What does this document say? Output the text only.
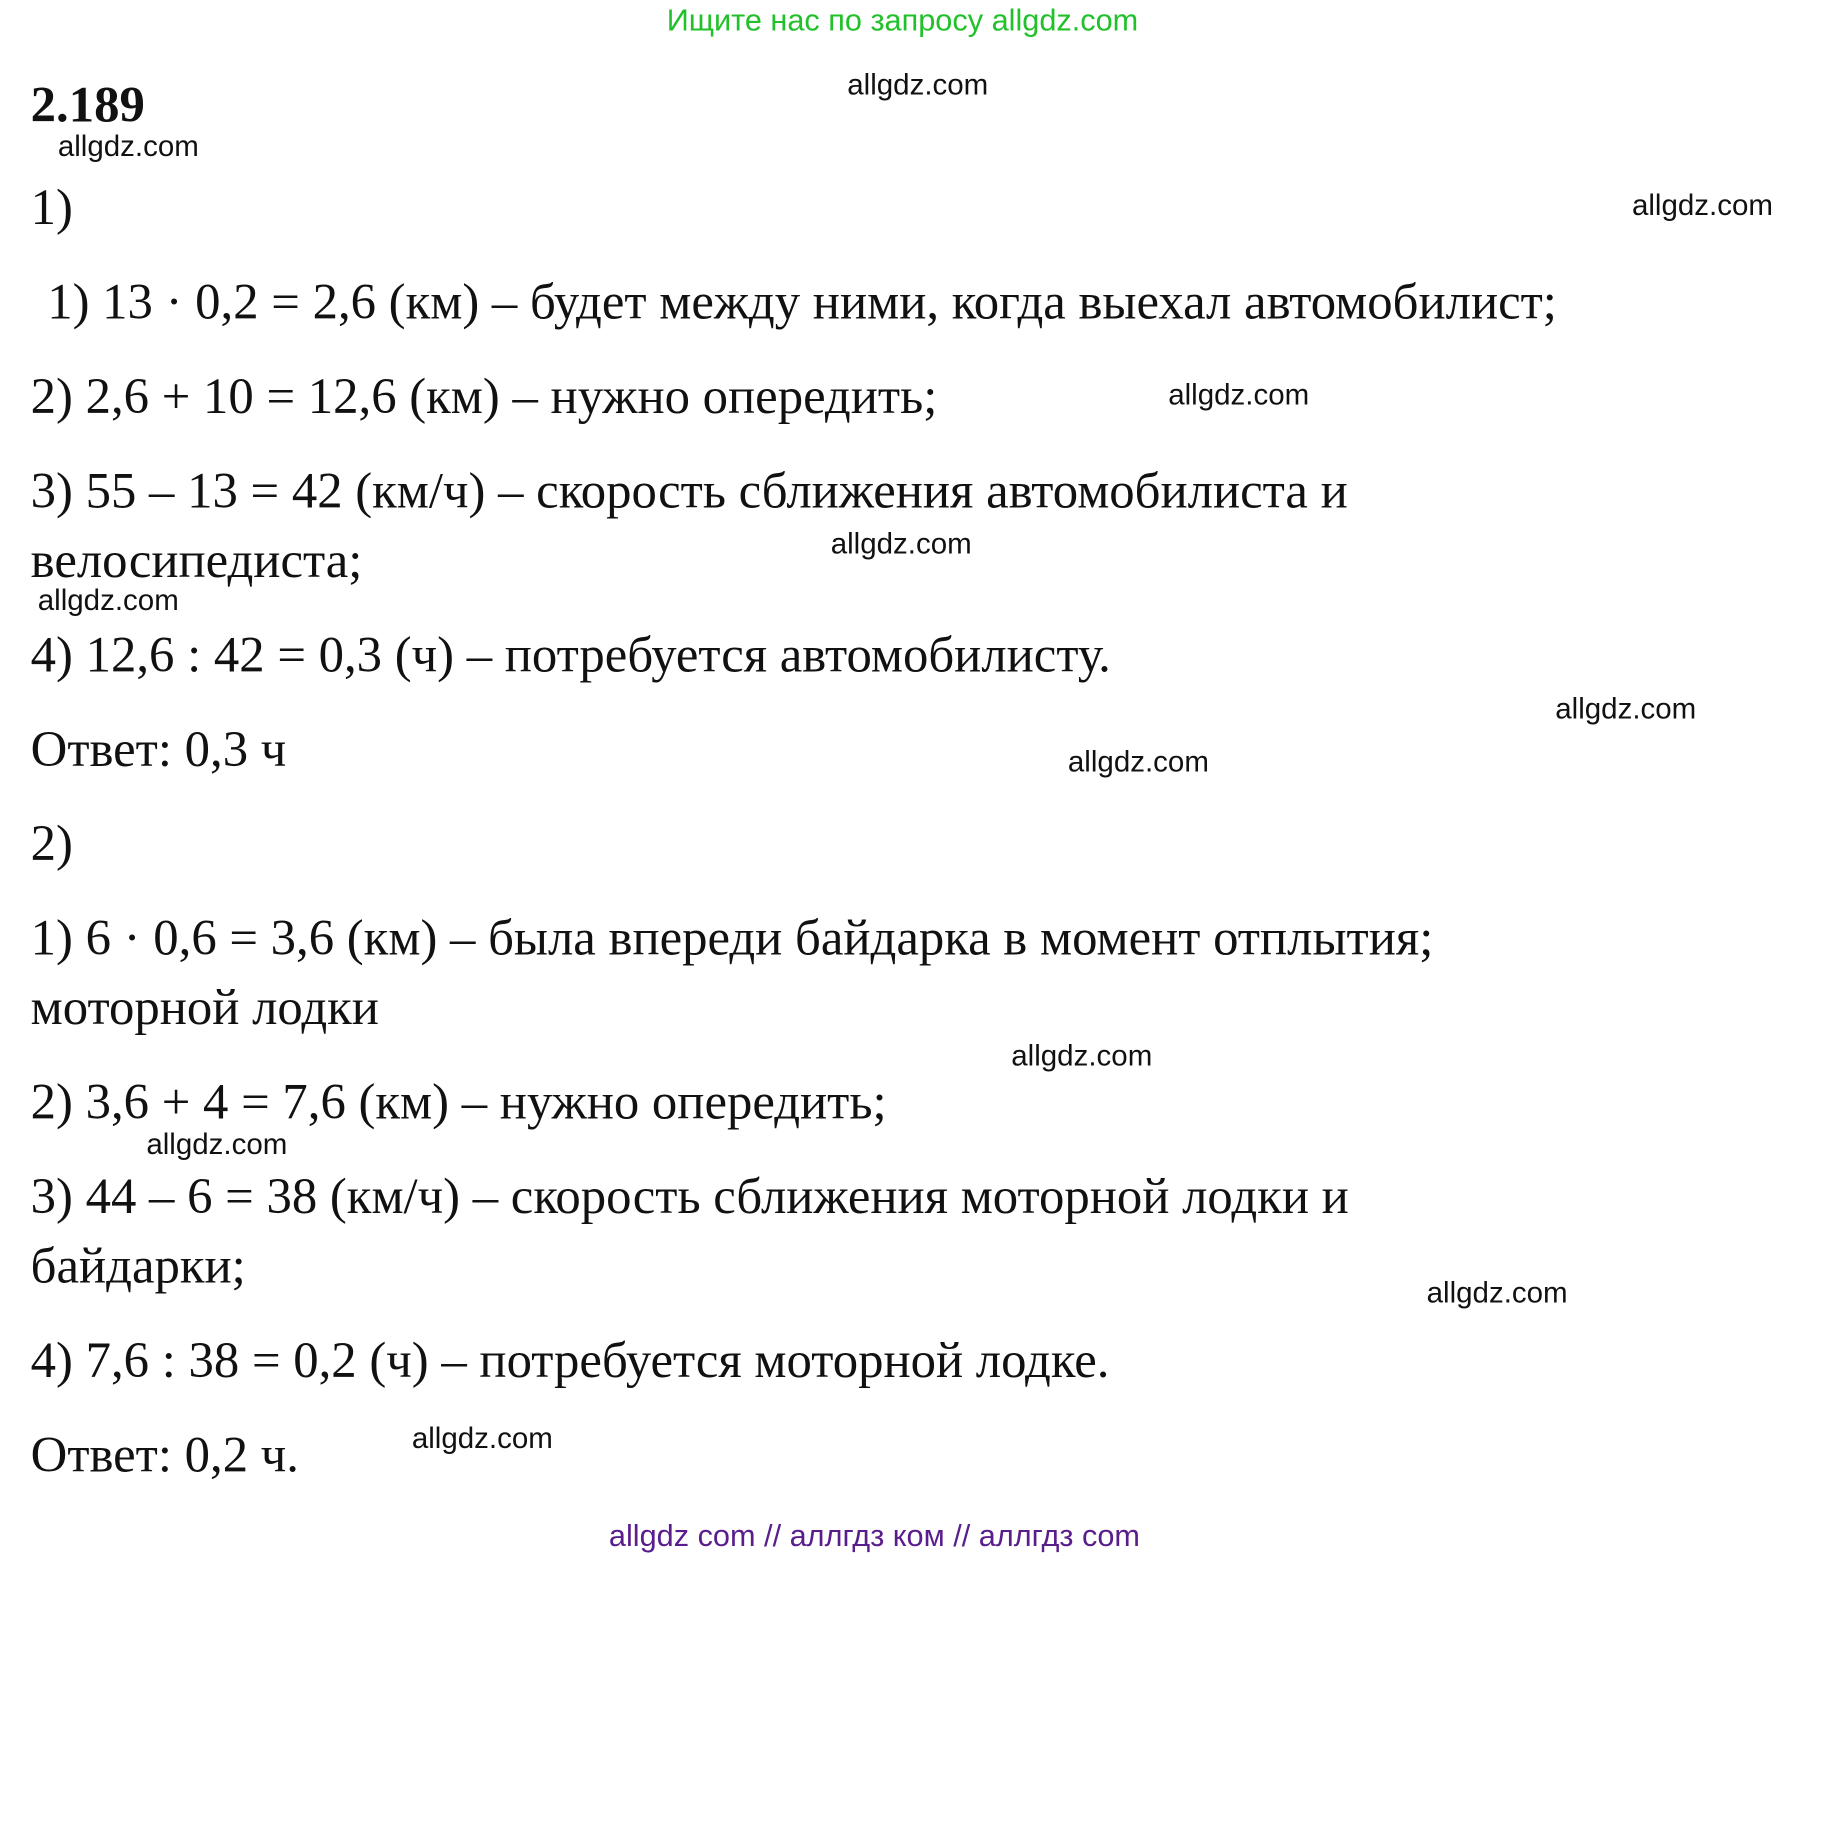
Ищите нас по запросу allgdz.com
allgdz.com
allgdz.com
allgdz.com
allgdz.com
allgdz.com
allgdz.com
allgdz.com
allgdz.com
allgdz.com
allgdz.com
allgdz.com
allgdz.com
2.189
1)
1) 13 · 0,2 = 2,6 (км) – будет между ними, когда выехал автомобилист;
2) 2,6 + 10 = 12,6 (км) – нужно опередить;
3) 55 – 13 = 42 (км/ч) – скорость сближения автомобилиста и
велосипедиста;
4) 12,6 : 42 = 0,3 (ч) – потребуется автомобилисту.
Ответ: 0,3 ч
2)
1) 6 · 0,6 = 3,6 (км) – была впереди байдарка в момент отплытия;
моторной лодки
2) 3,6 + 4 = 7,6 (км) – нужно опередить;
3) 44 – 6 = 38 (км/ч) – скорость сближения моторной лодки и
байдарки;
4) 7,6 : 38 = 0,2 (ч) – потребуется моторной лодке.
Ответ: 0,2 ч.
allgdz com // аллгдз ком // аллгдз com
